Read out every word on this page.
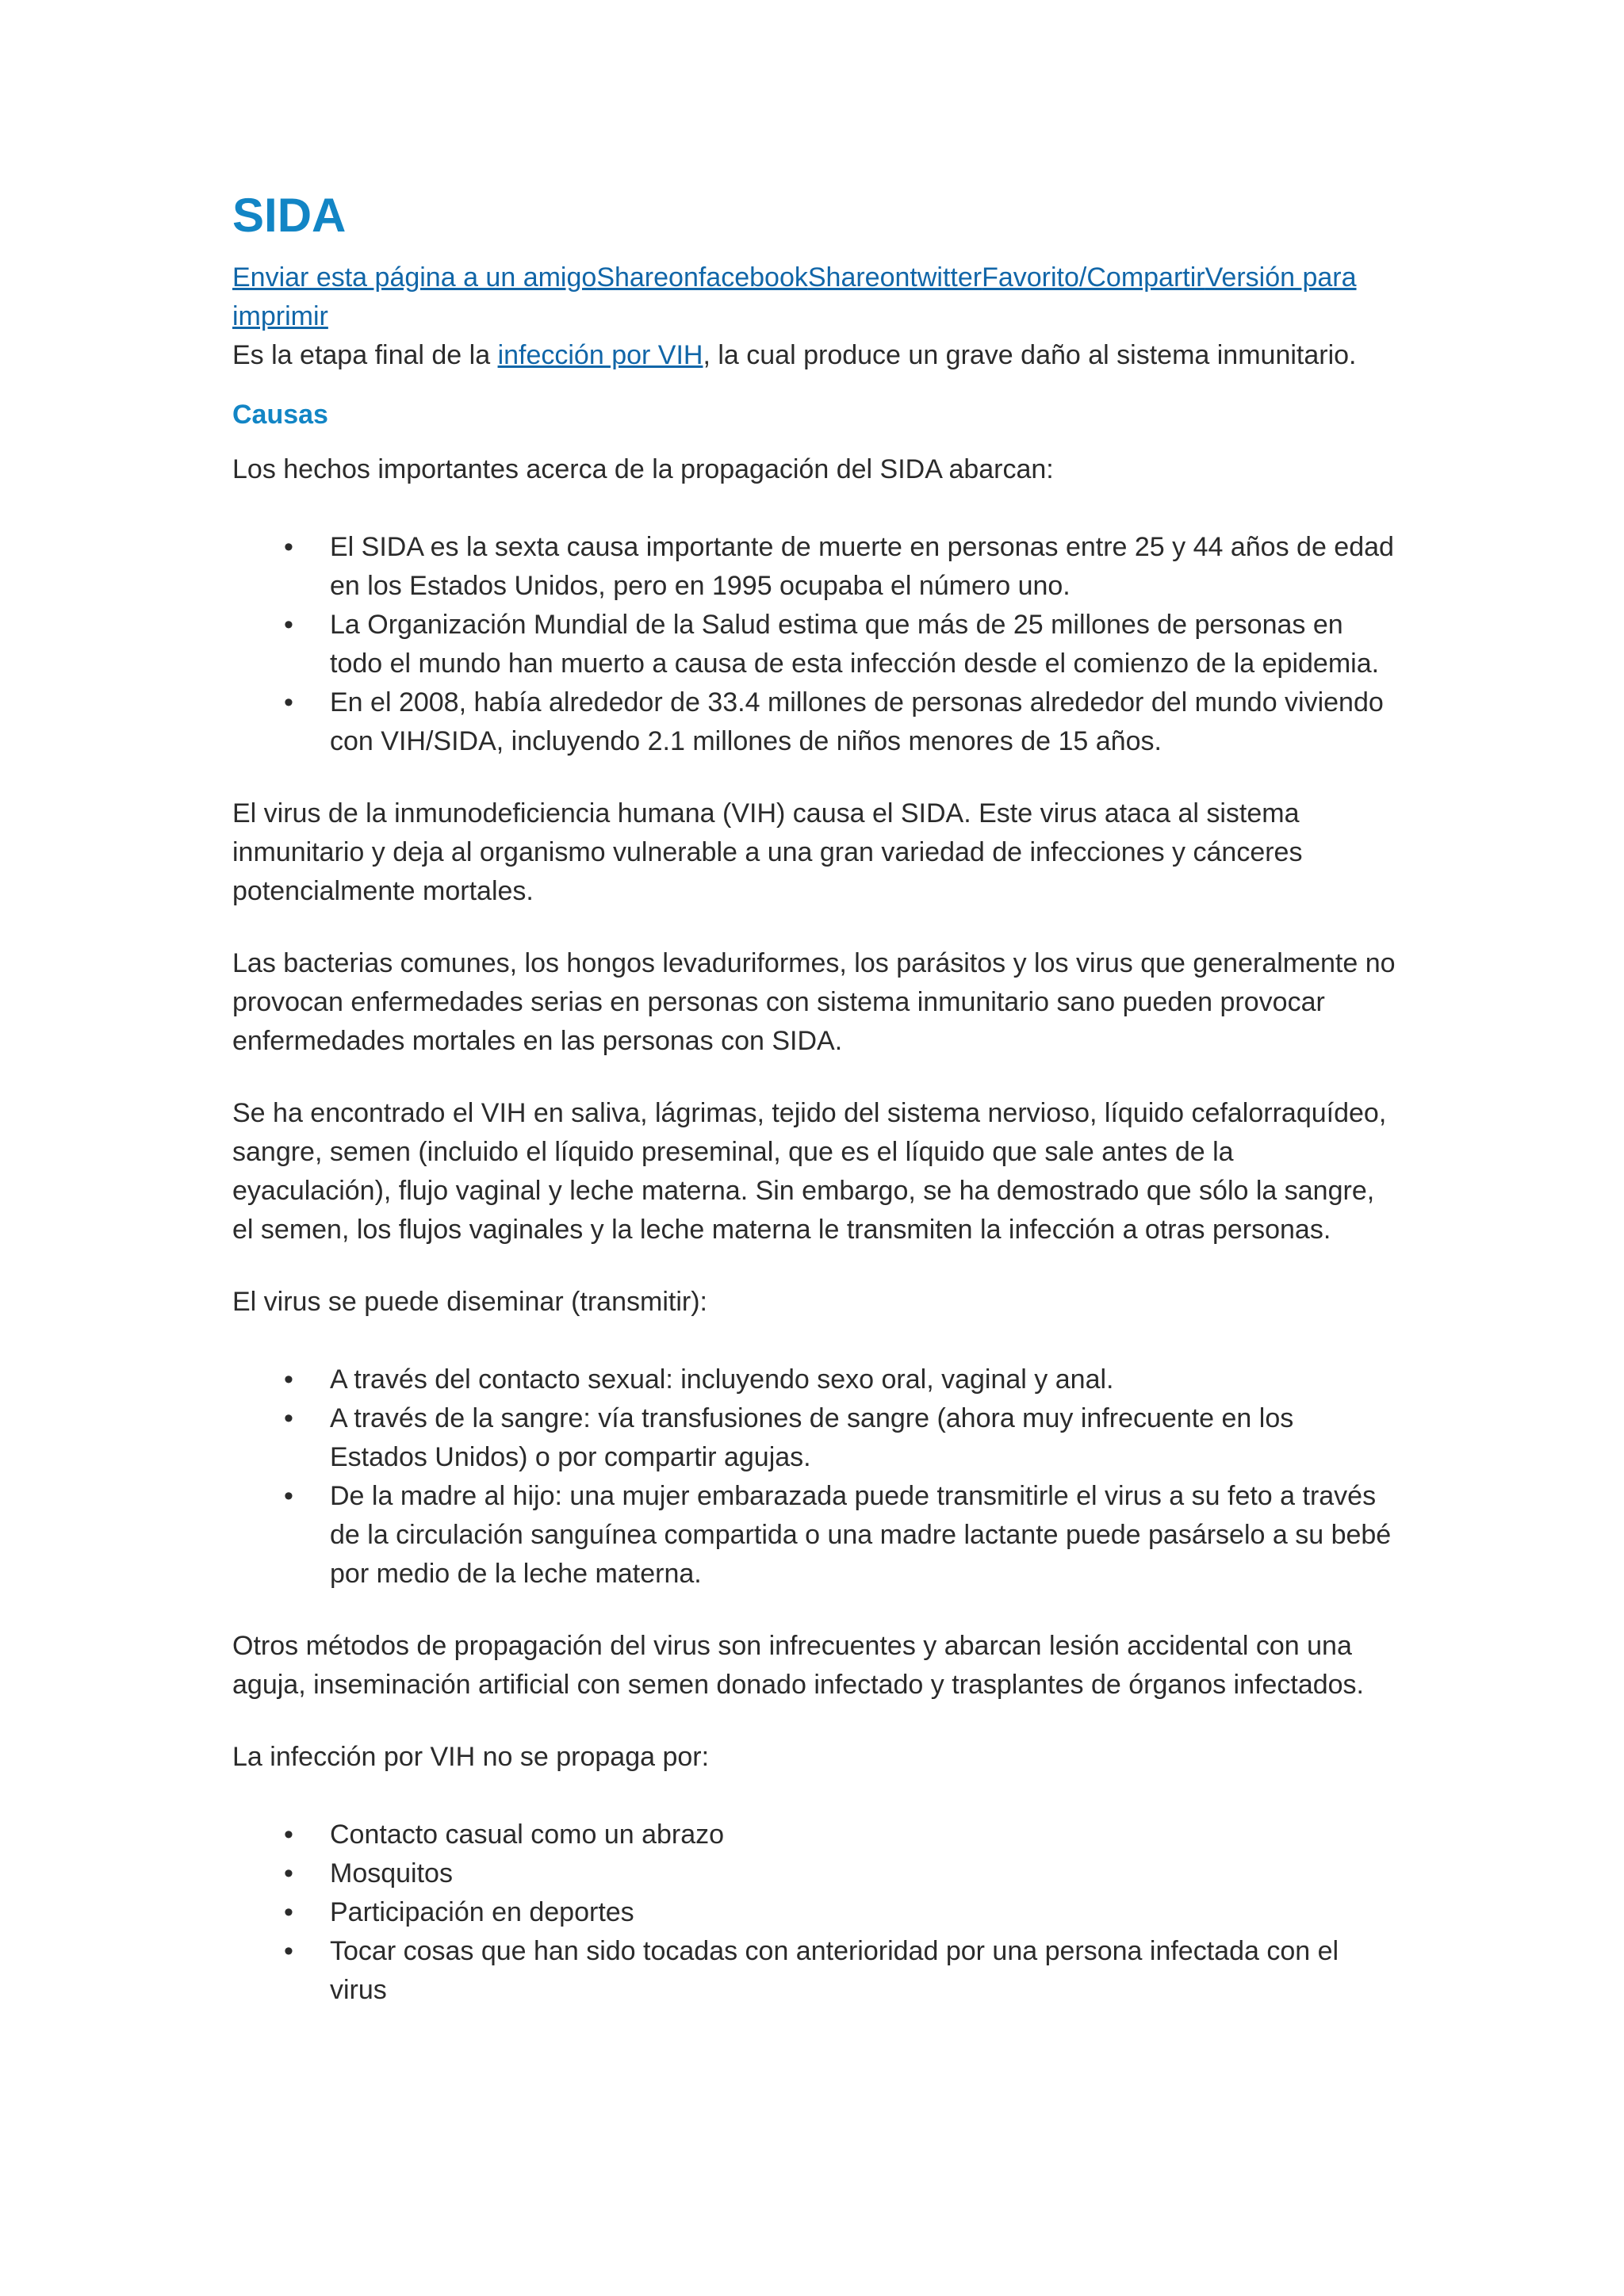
SIDA

Enviar esta página a un amigoShareonfacebookShareontwitterFavorito/CompartirVersión para imprimir

Es la etapa final de la infección por VIH, la cual produce un grave daño al sistema inmunitario.

Causas

Los hechos importantes acerca de la propagación del SIDA abarcan:

• El SIDA es la sexta causa importante de muerte en personas entre 25 y 44 años de edad en los Estados Unidos, pero en 1995 ocupaba el número uno.
• La Organización Mundial de la Salud estima que más de 25 millones de personas en todo el mundo han muerto a causa de esta infección desde el comienzo de la epidemia.
• En el 2008, había alrededor de 33.4 millones de personas alrededor del mundo viviendo con VIH/SIDA, incluyendo 2.1 millones de niños menores de 15 años.

El virus de la inmunodeficiencia humana (VIH) causa el SIDA. Este virus ataca al sistema inmunitario y deja al organismo vulnerable a una gran variedad de infecciones y cánceres potencialmente mortales.

Las bacterias comunes, los hongos levaduriformes, los parásitos y los virus que generalmente no provocan enfermedades serias en personas con sistema inmunitario sano pueden provocar enfermedades mortales en las personas con SIDA.

Se ha encontrado el VIH en saliva, lágrimas, tejido del sistema nervioso, líquido cefalorraquídeo, sangre, semen (incluido el líquido preseminal, que es el líquido que sale antes de la eyaculación), flujo vaginal y leche materna. Sin embargo, se ha demostrado que sólo la sangre, el semen, los flujos vaginales y la leche materna le transmiten la infección a otras personas.

El virus se puede diseminar (transmitir):

• A través del contacto sexual: incluyendo sexo oral, vaginal y anal.
• A través de la sangre: vía transfusiones de sangre (ahora muy infrecuente en los Estados Unidos) o por compartir agujas.
• De la madre al hijo: una mujer embarazada puede transmitirle el virus a su feto a través de la circulación sanguínea compartida o una madre lactante puede pasárselo a su bebé por medio de la leche materna.

Otros métodos de propagación del virus son infrecuentes y abarcan lesión accidental con una aguja, inseminación artificial con semen donado infectado y trasplantes de órganos infectados.

La infección por VIH no se propaga por:

• Contacto casual como un abrazo
• Mosquitos
• Participación en deportes
• Tocar cosas que han sido tocadas con anterioridad por una persona infectada con el virus
